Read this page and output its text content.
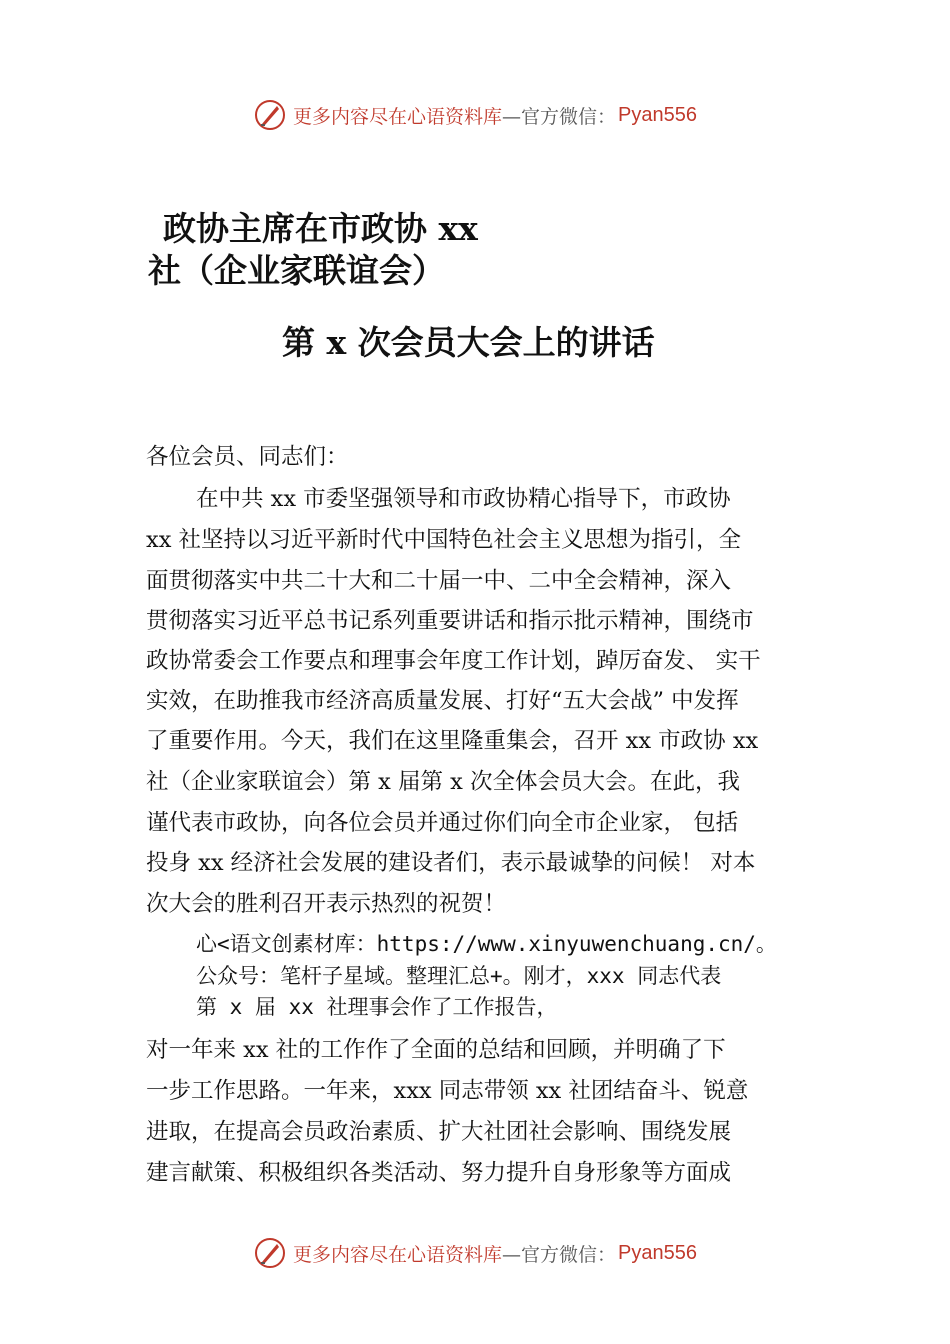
更多内容尽在心语资料库 —官方微信： Pyan556
政协主席在市政协 xx
社（企业家联谊会）
第 x 次会员大会上的讲话
各位会员、同志们：
在中共 xx 市委坚强领导和市政协精心指导下，市政协
xx 社坚持以习近平新时代中国特色社会主义思想为指引，全
面贯彻落实中共二十大和二十届一中、二中全会精神，深入
贯彻落实习近平总书记系列重要讲话和指示批示精神，围绕市
政协常委会工作要点和理事会年度工作计划，踔厉奋发、 实干
实效，在助推我市经济高质量发展、打好“五大会战” 中发挥
了重要作用。今天，我们在这里隆重集会，召开 xx 市政协 xx
社（企业家联谊会）第 x 届第 x 次全体会员大会。在此，我
谨代表市政协，向各位会员并通过你们向全市企业家， 包括
投身 xx 经济社会发展的建设者们，表示最诚挚的问候！ 对本
次大会的胜利召开表示热烈的祝贺！
心<语文创素材库：https://www.xinyuwenchuang.cn/。
公众号：笔杆子星域。整理汇总+。刚才，xxx 同志代表
第 x 届 xx 社理事会作了工作报告，
对一年来 xx 社的工作作了全面的总结和回顾，并明确了下
一步工作思路。一年来，xxx 同志带领 xx 社团结奋斗、锐意
进取，在提高会员政治素质、扩大社团社会影响、围绕发展
建言献策、积极组织各类活动、努力提升自身形象等方面成
更多内容尽在心语资料库 —官方微信： Pyan556
